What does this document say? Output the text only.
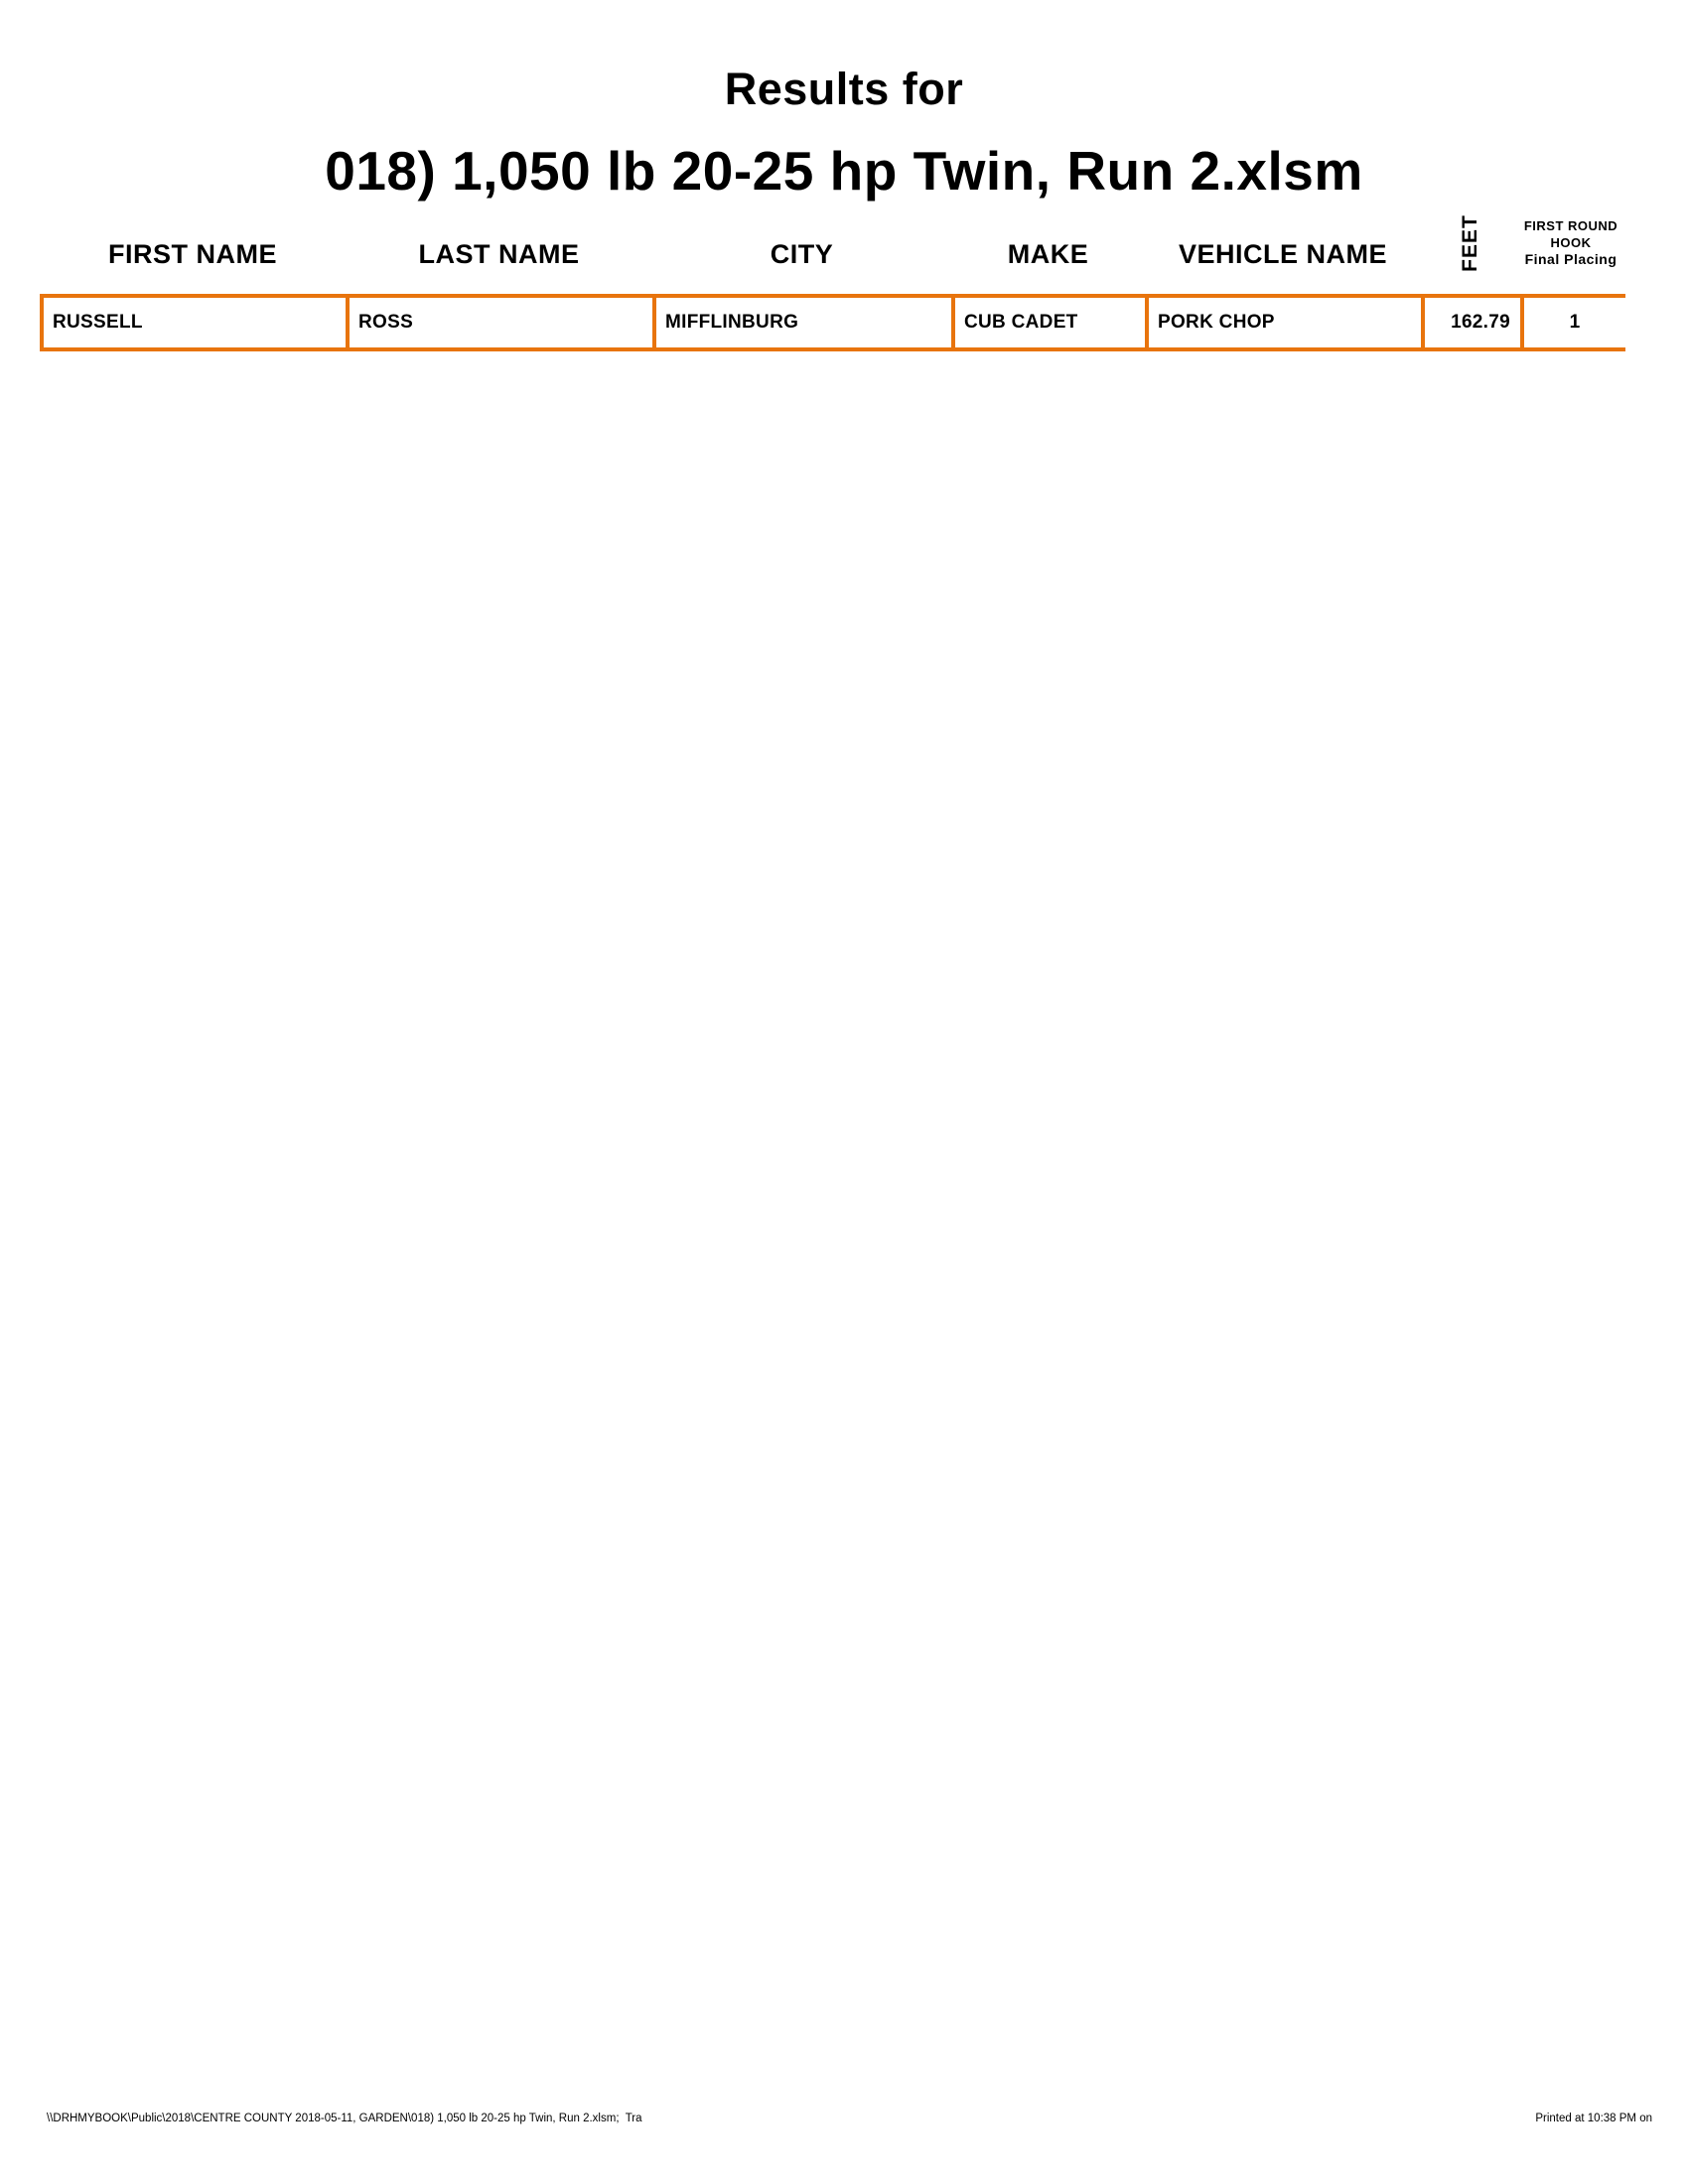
Results for
018) 1,050 lb 20-25 hp Twin, Run 2.xlsm
FIRST NAME	LAST NAME	CITY	MAKE	VEHICLE NAME	FEET	FIRST ROUND
HOOK
Final Placing
RUSSELL	ROSS	MIFFLINBURG	CUB CADET	PORK CHOP	162.79	1
\\DRHMYBOOK\Public\2018\CENTRE COUNTY 2018-05-11, GARDEN\018) 1,050 lb 20-25 hp Twin, Run 2.xlsm;  Tra	Printed at 10:38 PM on
